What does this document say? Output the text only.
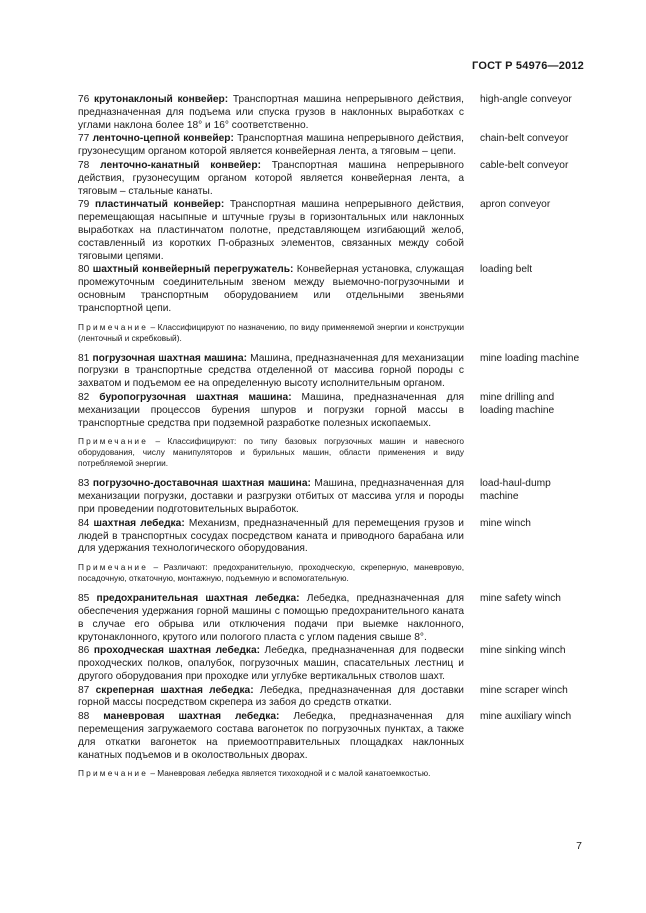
ГОСТ Р 54976—2012
76 крутонаклоный конвейер: Транспортная машина непрерывного действия, предназначенная для подъема или спуска грузов в наклонных выработках с углами наклона более 18° и 16° соответственно.
high-angle conveyor
77 ленточно-цепной конвейер: Транспортная машина непрерывного действия, грузонесущим органом которой является конвейерная лента, а тяговым – цепи.
chain-belt conveyor
78 ленточно-канатный конвейер: Транспортная машина непрерывного действия, грузонесущим органом которой является конвейерная лента, а тяговым – стальные канаты.
cable-belt conveyor
79 пластинчатый конвейер: Транспортная машина непрерывного действия, перемещающая насыпные и штучные грузы в горизонтальных или наклонных выработках на пластинчатом полотне, представляющем изгибающий желоб, составленный из коротких П-образных элементов, связанных между собой тяговыми цепями.
apron conveyor
80 шахтный конвейерный перегружатель: Конвейерная установка, служащая промежуточным соединительным звеном между выемочно-погрузочными и основным транспортным оборудованием или отдельными звеньями транспортной цепи.
loading belt
Примечание – Классифицируют по назначению, по виду применяемой энергии и конструкции (ленточный и скребковый).
81 погрузочная шахтная машина: Машина, предназначенная для механизации погрузки в транспортные средства отделенной от массива горной породы с захватом и подъемом ее на определенную высоту исполнительным органом.
mine loading machine
82 буропогрузочная шахтная машина: Машина, предназначенная для механизации процессов бурения шпуров и погрузки горной массы в транспортные средства при подземной разработке полезных ископаемых.
mine drilling and loading machine
Примечание – Классифицируют: по типу базовых погрузочных машин и навесного оборудования, числу манипуляторов и бурильных машин, области применения и виду потребляемой энергии.
83 погрузочно-доставочная шахтная машина: Машина, предназначенная для механизации погрузки, доставки и разгрузки отбитых от массива угля и породы при проведении подготовительных выработок.
load-haul-dump machine
84 шахтная лебедка: Механизм, предназначенный для перемещения грузов и людей в транспортных сосудах посредством каната и приводного барабана или для удержания технологического оборудования.
mine winch
Примечание – Различают: предохранительную, проходческую, скреперную, маневровую, посадочную, откаточную, монтажную, подъемную и вспомогательную.
85 предохранительная шахтная лебедка: Лебедка, предназначенная для обеспечения удержания горной машины с помощью предохранительного каната в случае его обрыва или отключения подачи при выемке наклонного, крутонаклонного, крутого или пологого пласта с углом падения свыше 8°.
mine safety winch
86 проходческая шахтная лебедка: Лебедка, предназначенная для подвески проходческих полков, опалубок, погрузочных машин, спасательных лестниц и другого оборудования при проходке или углубке вертикальных стволов шахт.
mine sinking winch
87 скреперная шахтная лебедка: Лебедка, предназначенная для доставки горной массы посредством скрепера из забоя до средств откатки.
mine scraper winch
88 маневровая шахтная лебедка: Лебедка, предназначенная для перемещения загружаемого состава вагонеток по погрузочных пунктах, а также для откатки вагонеток на приемоотправительных площадках наклонных канатных подъемов и в околоствольных дворах.
mine auxiliary winch
Примечание – Маневровая лебедка является тихоходной и с малой канатоемкостью.
7
